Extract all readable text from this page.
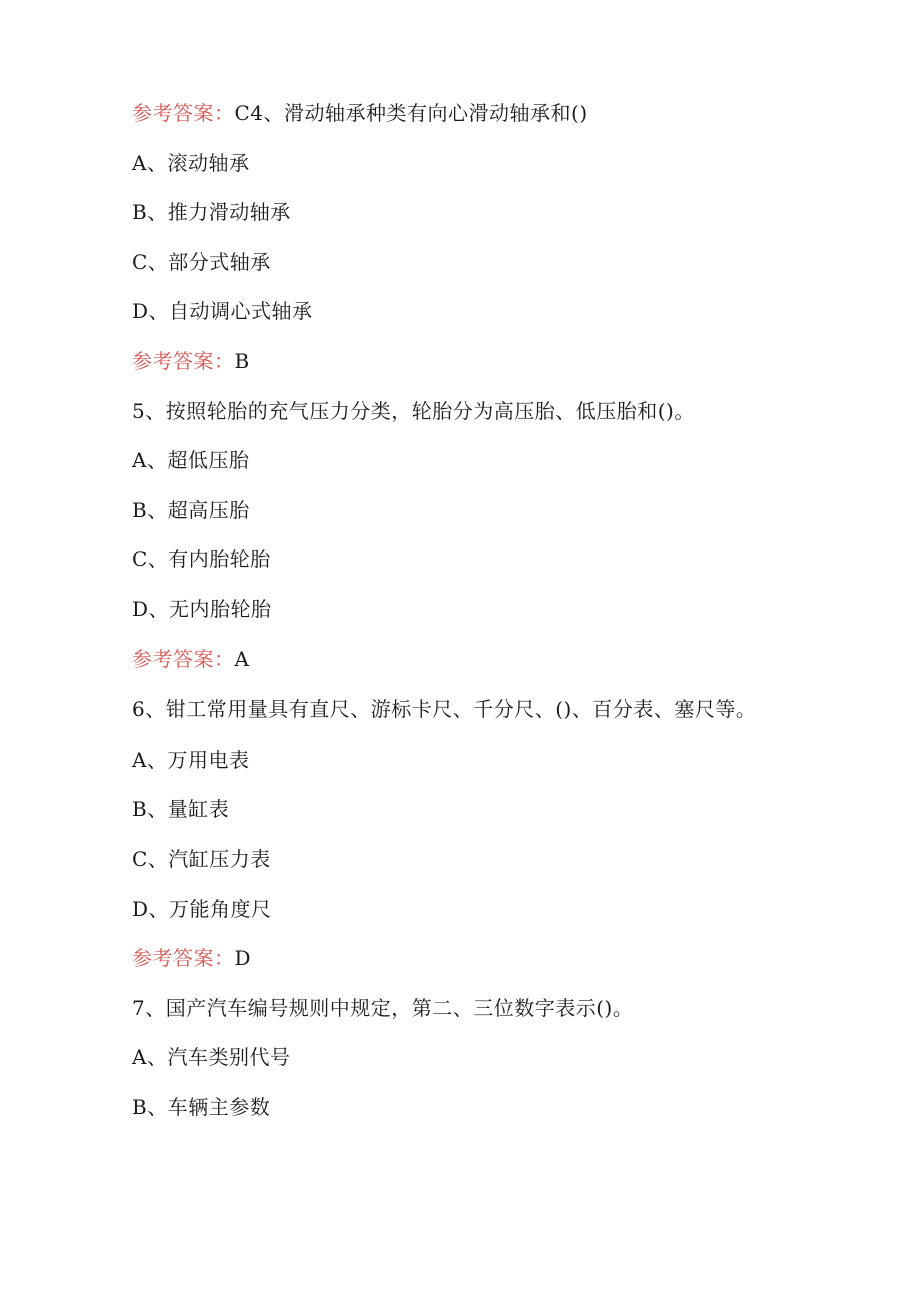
参考答案：C4、滑动轴承种类有向心滑动轴承和()
A、滚动轴承
B、推力滑动轴承
C、部分式轴承
D、自动调心式轴承
参考答案：B
5、按照轮胎的充气压力分类，轮胎分为高压胎、低压胎和()。
A、超低压胎
B、超高压胎
C、有内胎轮胎
D、无内胎轮胎
参考答案：A
6、钳工常用量具有直尺、游标卡尺、千分尺、()、百分表、塞尺等。
A、万用电表
B、量缸表
C、汽缸压力表
D、万能角度尺
参考答案：D
7、国产汽车编号规则中规定，第二、三位数字表示()。
A、汽车类别代号
B、车辆主参数
